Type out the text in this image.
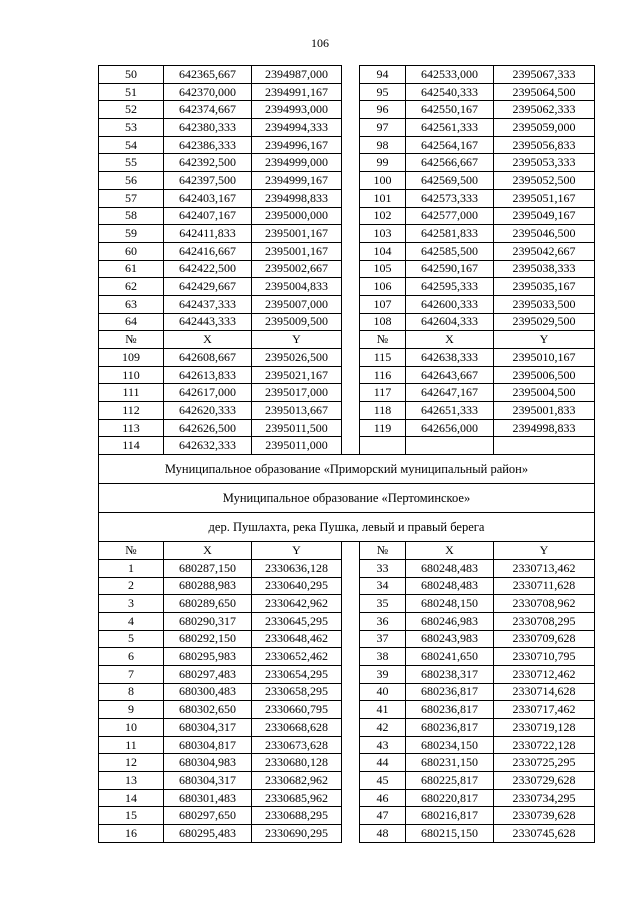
106
50	642365,667	2394987,000		94	642533,000	2395067,333
51	642370,000	2394991,167		95	642540,333	2395064,500
52	642374,667	2394993,000		96	642550,167	2395062,333
53	642380,333	2394994,333		97	642561,333	2395059,000
54	642386,333	2394996,167		98	642564,167	2395056,833
55	642392,500	2394999,000		99	642566,667	2395053,333
56	642397,500	2394999,167		100	642569,500	2395052,500
57	642403,167	2394998,833		101	642573,333	2395051,167
58	642407,167	2395000,000		102	642577,000	2395049,167
59	642411,833	2395001,167		103	642581,833	2395046,500
60	642416,667	2395001,167		104	642585,500	2395042,667
61	642422,500	2395002,667		105	642590,167	2395038,333
62	642429,667	2395004,833		106	642595,333	2395035,167
63	642437,333	2395007,000		107	642600,333	2395033,500
64	642443,333	2395009,500		108	642604,333	2395029,500
№	X	Y		№	X	Y
109	642608,667	2395026,500		115	642638,333	2395010,167
110	642613,833	2395021,167		116	642643,667	2395006,500
111	642617,000	2395017,000		117	642647,167	2395004,500
112	642620,333	2395013,667		118	642651,333	2395001,833
113	642626,500	2395011,500		119	642656,000	2394998,833
114	642632,333	2395011,000				
Муниципальное образование «Приморский муниципальный район»						
Муниципальное образование «Пертоминское»						
дер. Пушлахта, река Пушка, левый и правый берега						
№	X	Y		№	X	Y
1	680287,150	2330636,128		33	680248,483	2330713,462
2	680288,983	2330640,295		34	680248,483	2330711,628
3	680289,650	2330642,962		35	680248,150	2330708,962
4	680290,317	2330645,295		36	680246,983	2330708,295
5	680292,150	2330648,462		37	680243,983	2330709,628
6	680295,983	2330652,462		38	680241,650	2330710,795
7	680297,483	2330654,295		39	680238,317	2330712,462
8	680300,483	2330658,295		40	680236,817	2330714,628
9	680302,650	2330660,795		41	680236,817	2330717,462
10	680304,317	2330668,628		42	680236,817	2330719,128
11	680304,817	2330673,628		43	680234,150	2330722,128
12	680304,983	2330680,128		44	680231,150	2330725,295
13	680304,317	2330682,962		45	680225,817	2330729,628
14	680301,483	2330685,962		46	680220,817	2330734,295
15	680297,650	2330688,295		47	680216,817	2330739,628
16	680295,483	2330690,295		48	680215,150	2330745,628
